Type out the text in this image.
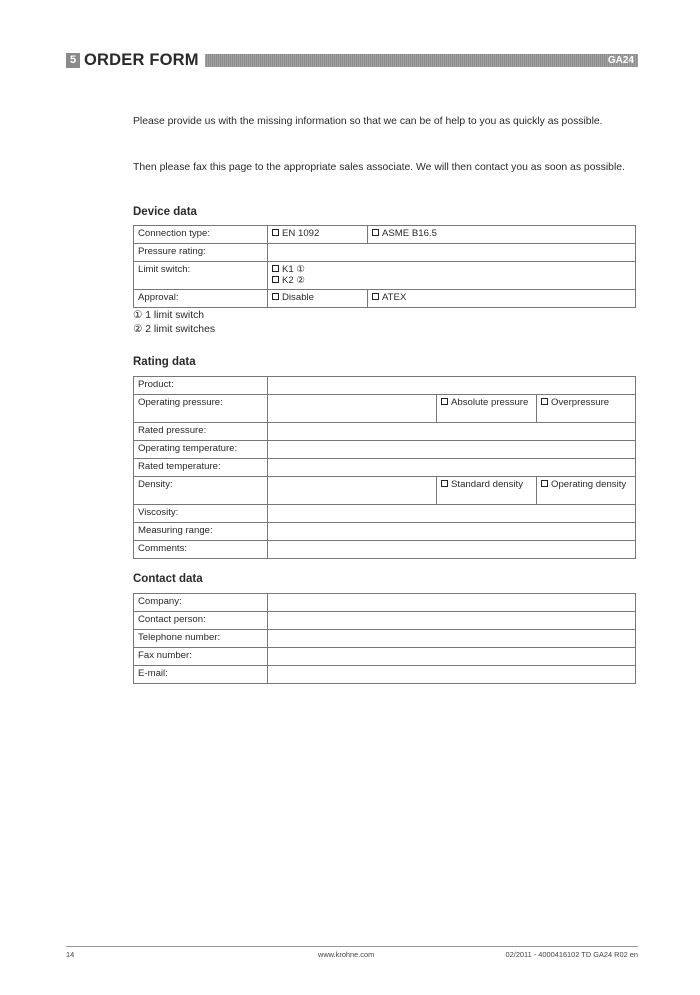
5 ORDER FORM	GA24

Please provide us with the missing information so that we can be of help to you as quickly as possible.

Then please fax this page to the appropriate sales associate. We will then contact you as soon as possible.

Device data
Connection type:	EN 1092	ASME B16.5
Pressure rating:		
Limit switch:	K1 ①
K2 ②	

Approval:	Disable	ATEX
① 1 limit switch
② 2 limit switches
Rating data
Product:			
Operating pressure:		Absolute pressure	Overpressure
Rated pressure:			
Operating temperature:			
Rated temperature:			
Density:		Standard density	Operating density
Viscosity:			
Measuring range:			
Comments:			
Contact data
Company:	
Contact person:	
Telephone number:	
Fax number:	
E-mail:	
14	www.krohne.com	02/2011 - 4000416102 TD GA24 R02 en
